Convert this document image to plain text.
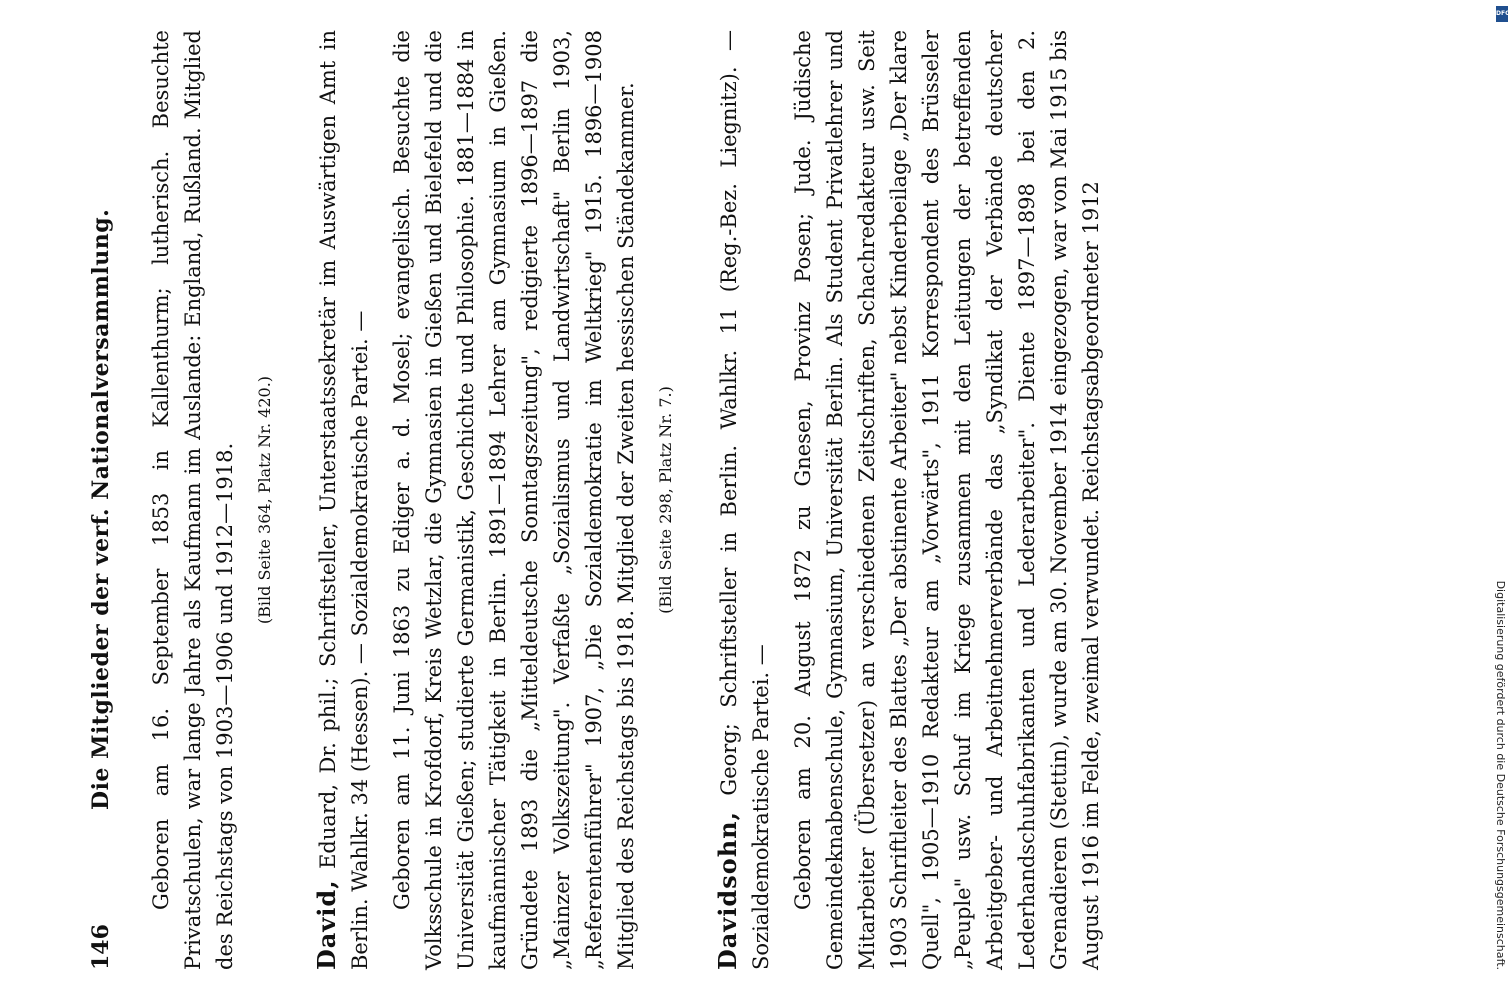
146
Die Mitglieder der verf. Nationalversammlung. Geboren am 16. September 1853 in Kallenthurm; lutherisch. Besuchte Privatschulen, war lange Jahre als Kaufmann im Auslande: England, Rußland. Mitglied des Reichstags von 1903—1906 und 1912—1918.	(Bild Seite 364, Platz Nr. 420.)

David, Eduard, Dr. phil.; Schriftsteller, Unterstaatssekretär im Auswärtigen Amt in Berlin. Wahlkr. 34 (Hessen). — Sozialdemokratische Partei. — Geboren am 11. Juni 1863 zu Ediger a. d. Mosel; evangelisch. Besuchte die Volksschule in Krofdorf, Kreis Wetzlar, die Gymnasien in Gießen und Bielefeld und die Universität Gießen; studierte Germanistik, Geschichte und Philosophie. 1881—1884 in kaufmännischer Tätigkeit in Berlin. 1891—1894 Lehrer am Gymnasium in Gießen. Gründete 1893 die „Mitteldeutsche Sonntagszeitung", redigierte 1896—1897 die „Mainzer Volkszeitung". Verfaßte „Sozialismus und Landwirtschaft" Berlin 1903, „Referentenführer" 1907, „Die Sozialdemokratie im Weltkrieg" 1915. 1896—1908 Mitglied des Reichstags bis 1918. Mitglied der Zweiten hessischen Ständekammer.	(Bild Seite 298, Platz Nr. 7.)

Davidsohn, Georg; Schriftsteller in Berlin. Wahlkr. 11 (Reg.-Bez. Liegnitz). — Sozialdemokratische Partei. — Geboren am 20. August 1872 zu Gnesen, Provinz Posen; Jude. Jüdische Gemeindeknabenschule, Gymnasium, Universität Berlin. Als Student Privatlehrer und Mitarbeiter (Übersetzer) an verschiedenen Zeitschriften, Schachredakteur usw. Seit 1903 Schriftleiter des Blattes „Der abstinente Arbeiter" nebst Kinderbeilage „Der klare Quell", 1905—1910 Redakteur am „Vorwärts", 1911 Korrespondent des Brüsseler „Peuple" usw. Schuf im Kriege zusammen mit den Leitungen der betreffenden Arbeitgeber- und Arbeitnehmerverbände das „Syndikat der Verbände deutscher Lederhandschuhfabrikanten und Lederarbeiter". Diente 1897—1898 bei den 2. Grenadieren (Stettin), wurde am 30. November 1914 eingezogen, war von Mai 1915 bis August 1916 im Felde, zweimal verwundet. Reichstagsabgeordneter 1912

DFG
Digitalisierung gefördert durch die Deutsche Forschungsgemeinschaft.
